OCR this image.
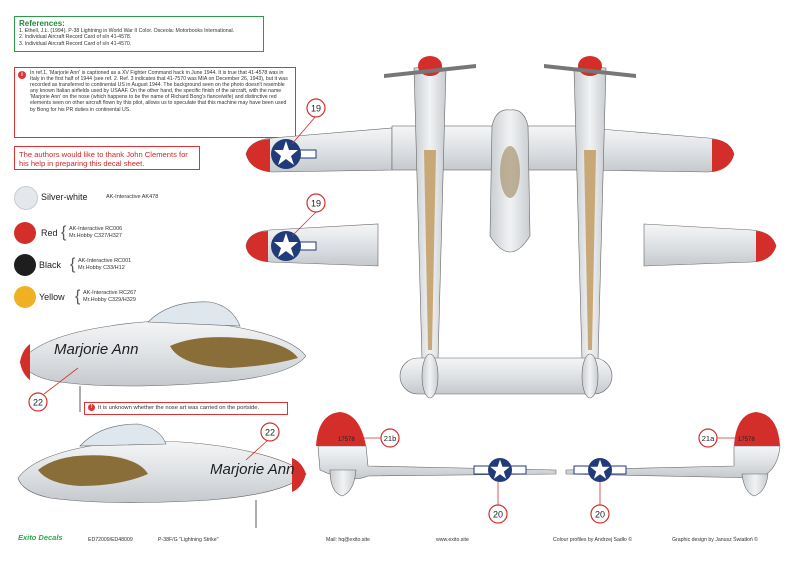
References:
1. Ethell, J.L. (1994). P-38 Lightning in World War II Color. Osceola: Motorbooks International.
2. Individual Aircraft Record Card of s/n 41-4578.
3. Individual Aircraft Record Card of s/n 41-4570.
i	In ref.1, 'Marjorie Ann' is captioned as a XV Fighter Command hack in June 1944. It is true that 41-4578 was in Italy in the first half of 1944 (see ref. 2. Ref. 3 indicates that 41-7570 was MIA on December 26, 1943), but it was recorded as transferred to continental US in August 1944. The background seen on the photo doesn't resemble any known Italian airfields used by USAAF. On the other hand, the specific finish of the aircraft, with the name 'Marjorie Ann' on the nose (which happens to be the name of Richard Bong's fiance/wife) and distinctive red elements seen on other aircraft flown by this pilot, allows us to speculate that this machine may have been used by Bong for his PR duties in continental US.
The authors would like to thank John Clements for his help in preparing this decal sheet.
Silver-white	AK-Interactive AK478
Red { AK-Interactive RC006
Mr.Hobby C327/H327
Black { AK-Interactive RC001
Mr.Hobby C33/H12
Yellow { AK-Interactive RC267
Mr.Hobby C329/H329
! It is unknown whether the nose art was carried on the portside.
19
19
Marjorie Ann
22
Marjorie Ann
22
17578	21b
20
17578
21a
20
Exito Decals	ED72009/ED48009	P-38F/G "Lightning Strike"	Mail: hq@exito.site	www.exito.site	Colour profiles by Andrzej Sadło ©	Graphic design by Janusz Światłoń ©
